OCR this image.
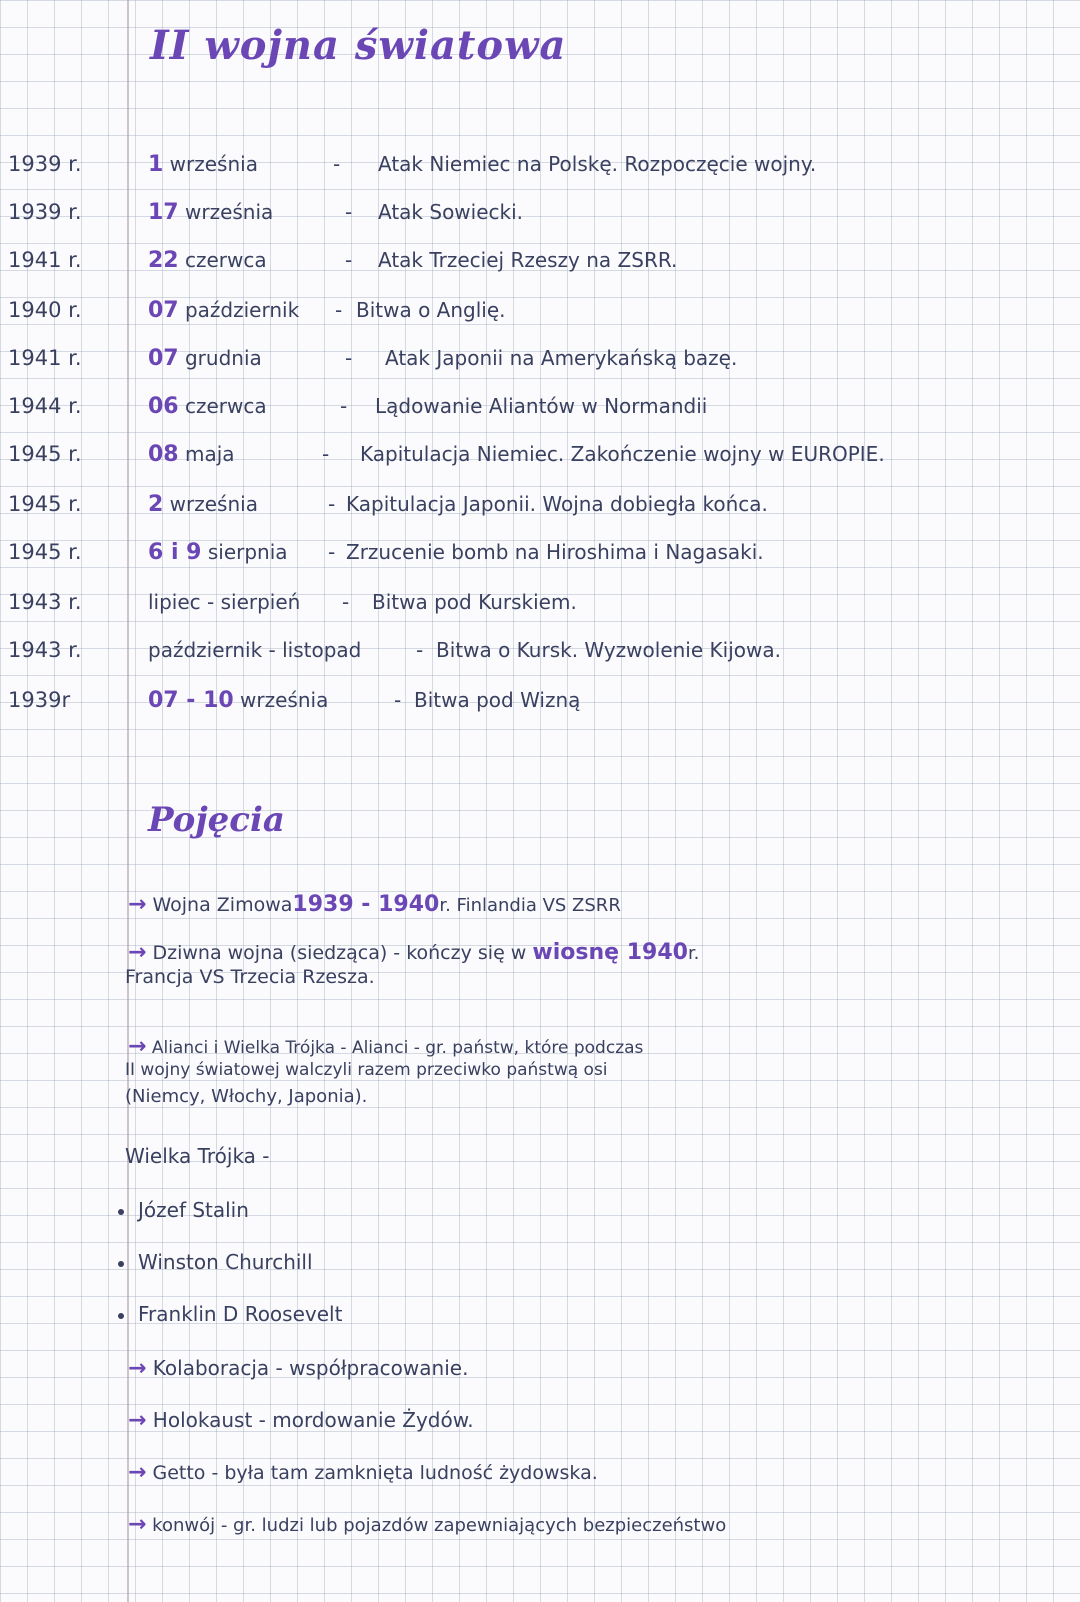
II wojna światowa
1939 r.	1 września	- Atak Niemiec na Polskę. Rozpoczęcie wojny.
1939 r.	17 września	- Atak Sowiecki.
1941 r.	22 czerwca	- Atak Trzeciej Rzeszy na ZSRR.
1940 r.	07 październik - Bitwa o Anglię.
1941 r.	07 grudnia	- Atak Japonii na Amerykańską bazę.
1944 r.	06 czerwca	- Lądowanie Aliantów w Normandii
1945 r.	08 maja	- Kapitulacja Niemiec. Zakończenie wojny w EUROPIE.
1945 r.	2 września	- Kapitulacja Japonii. Wojna dobiegła końca.
1945 r.	6 i 9 sierpnia - Zrzucenie bomb na Hiroshima i Nagasaki.
1943 r.	lipiec - sierpień - Bitwa pod Kurskiem.
1943 r.	październik - listopad	- Bitwa o Kursk. Wyzwolenie Kijowa.
1939r	07 - 10 września	- Bitwa pod Wizną
Pojęcia
→ Wojna Zimowa1939 - 1940r. Finlandia VS ZSRR
→ Dziwna wojna (siedząca) - kończy się w wiosnę 1940r.
Francja VS Trzecia Rzesza.
→ Alianci i Wielka Trójka - Alianci - gr. państw, które podczas
II wojny światowej walczyli razem przeciwko państwą osi
(Niemcy, Włochy, Japonia).
Wielka Trójka -
Józef Stalin
Winston Churchill
Franklin D Roosevelt
→ Kolaboracja - współpracowanie.
→ Holokaust - mordowanie Żydów.
→ Getto - była tam zamknięta ludność żydowska.
→ konwój - gr. ludzi lub pojazdów zapewniających bezpieczeństwo
